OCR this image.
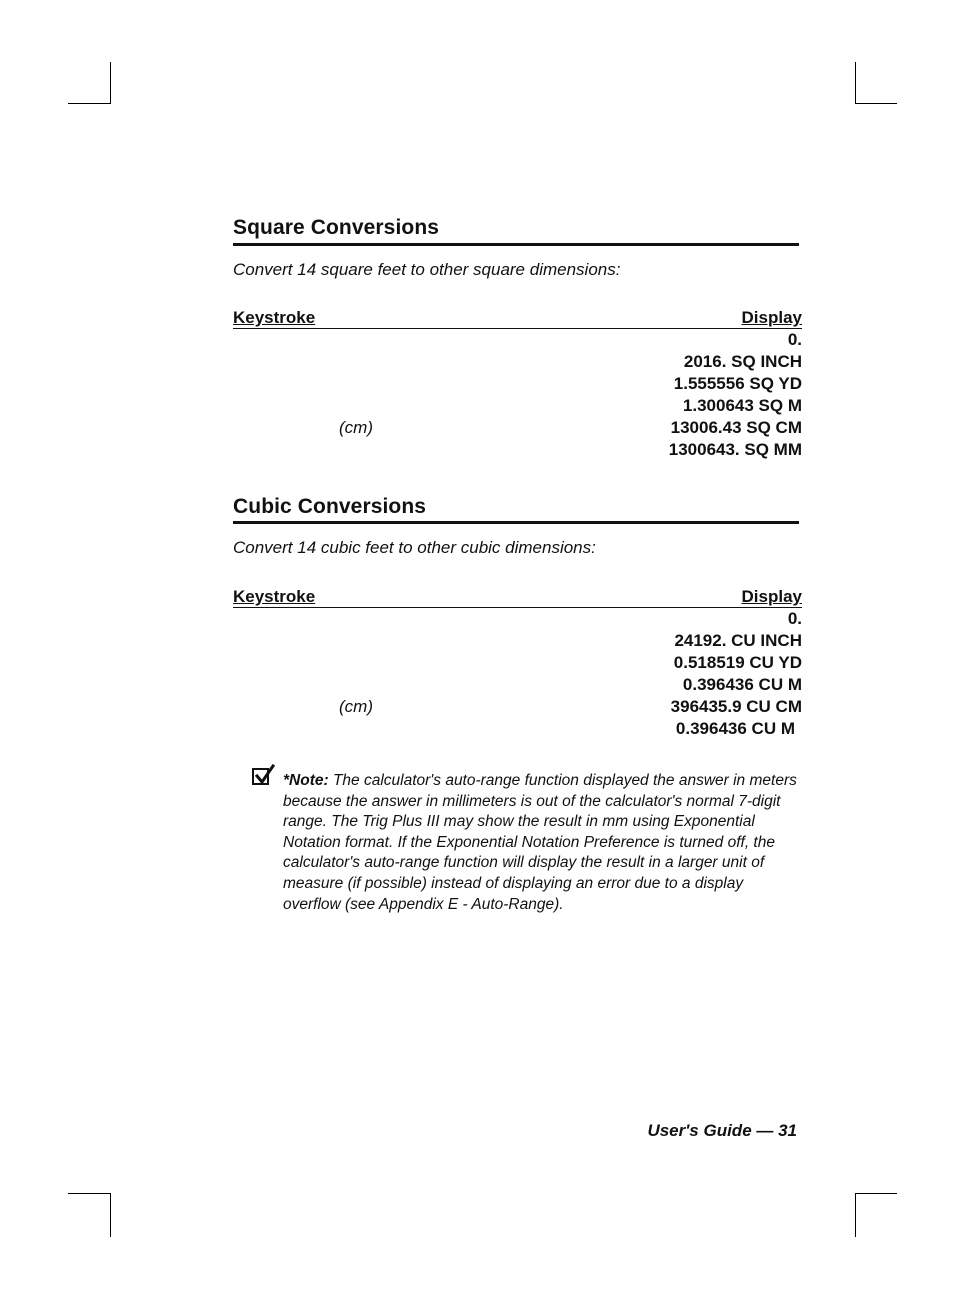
Square Conversions
Convert 14 square feet to other square dimensions:
Keystroke	Display
0.
2016. SQ INCH
1.555556 SQ YD
1.300643 SQ M
(cm)	13006.43 SQ CM
1300643. SQ MM
Cubic Conversions
Convert 14 cubic feet to other cubic dimensions:
Keystroke	Display
0.
24192. CU INCH
0.518519 CU YD
0.396436 CU M
(cm)	396435.9 CU CM
0.396436 CU M
*Note: The calculator's auto-range function displayed the answer in meters because the answer in millimeters is out of the calculator's normal 7-digit range. The Trig Plus III may show the result in mm using Exponential Notation format. If the Exponential Notation Preference is turned off, the calculator's auto-range function will display the result in a larger unit of measure (if possible) instead of displaying an error due to a display overflow (see Appendix E - Auto-Range).
User's Guide — 31
